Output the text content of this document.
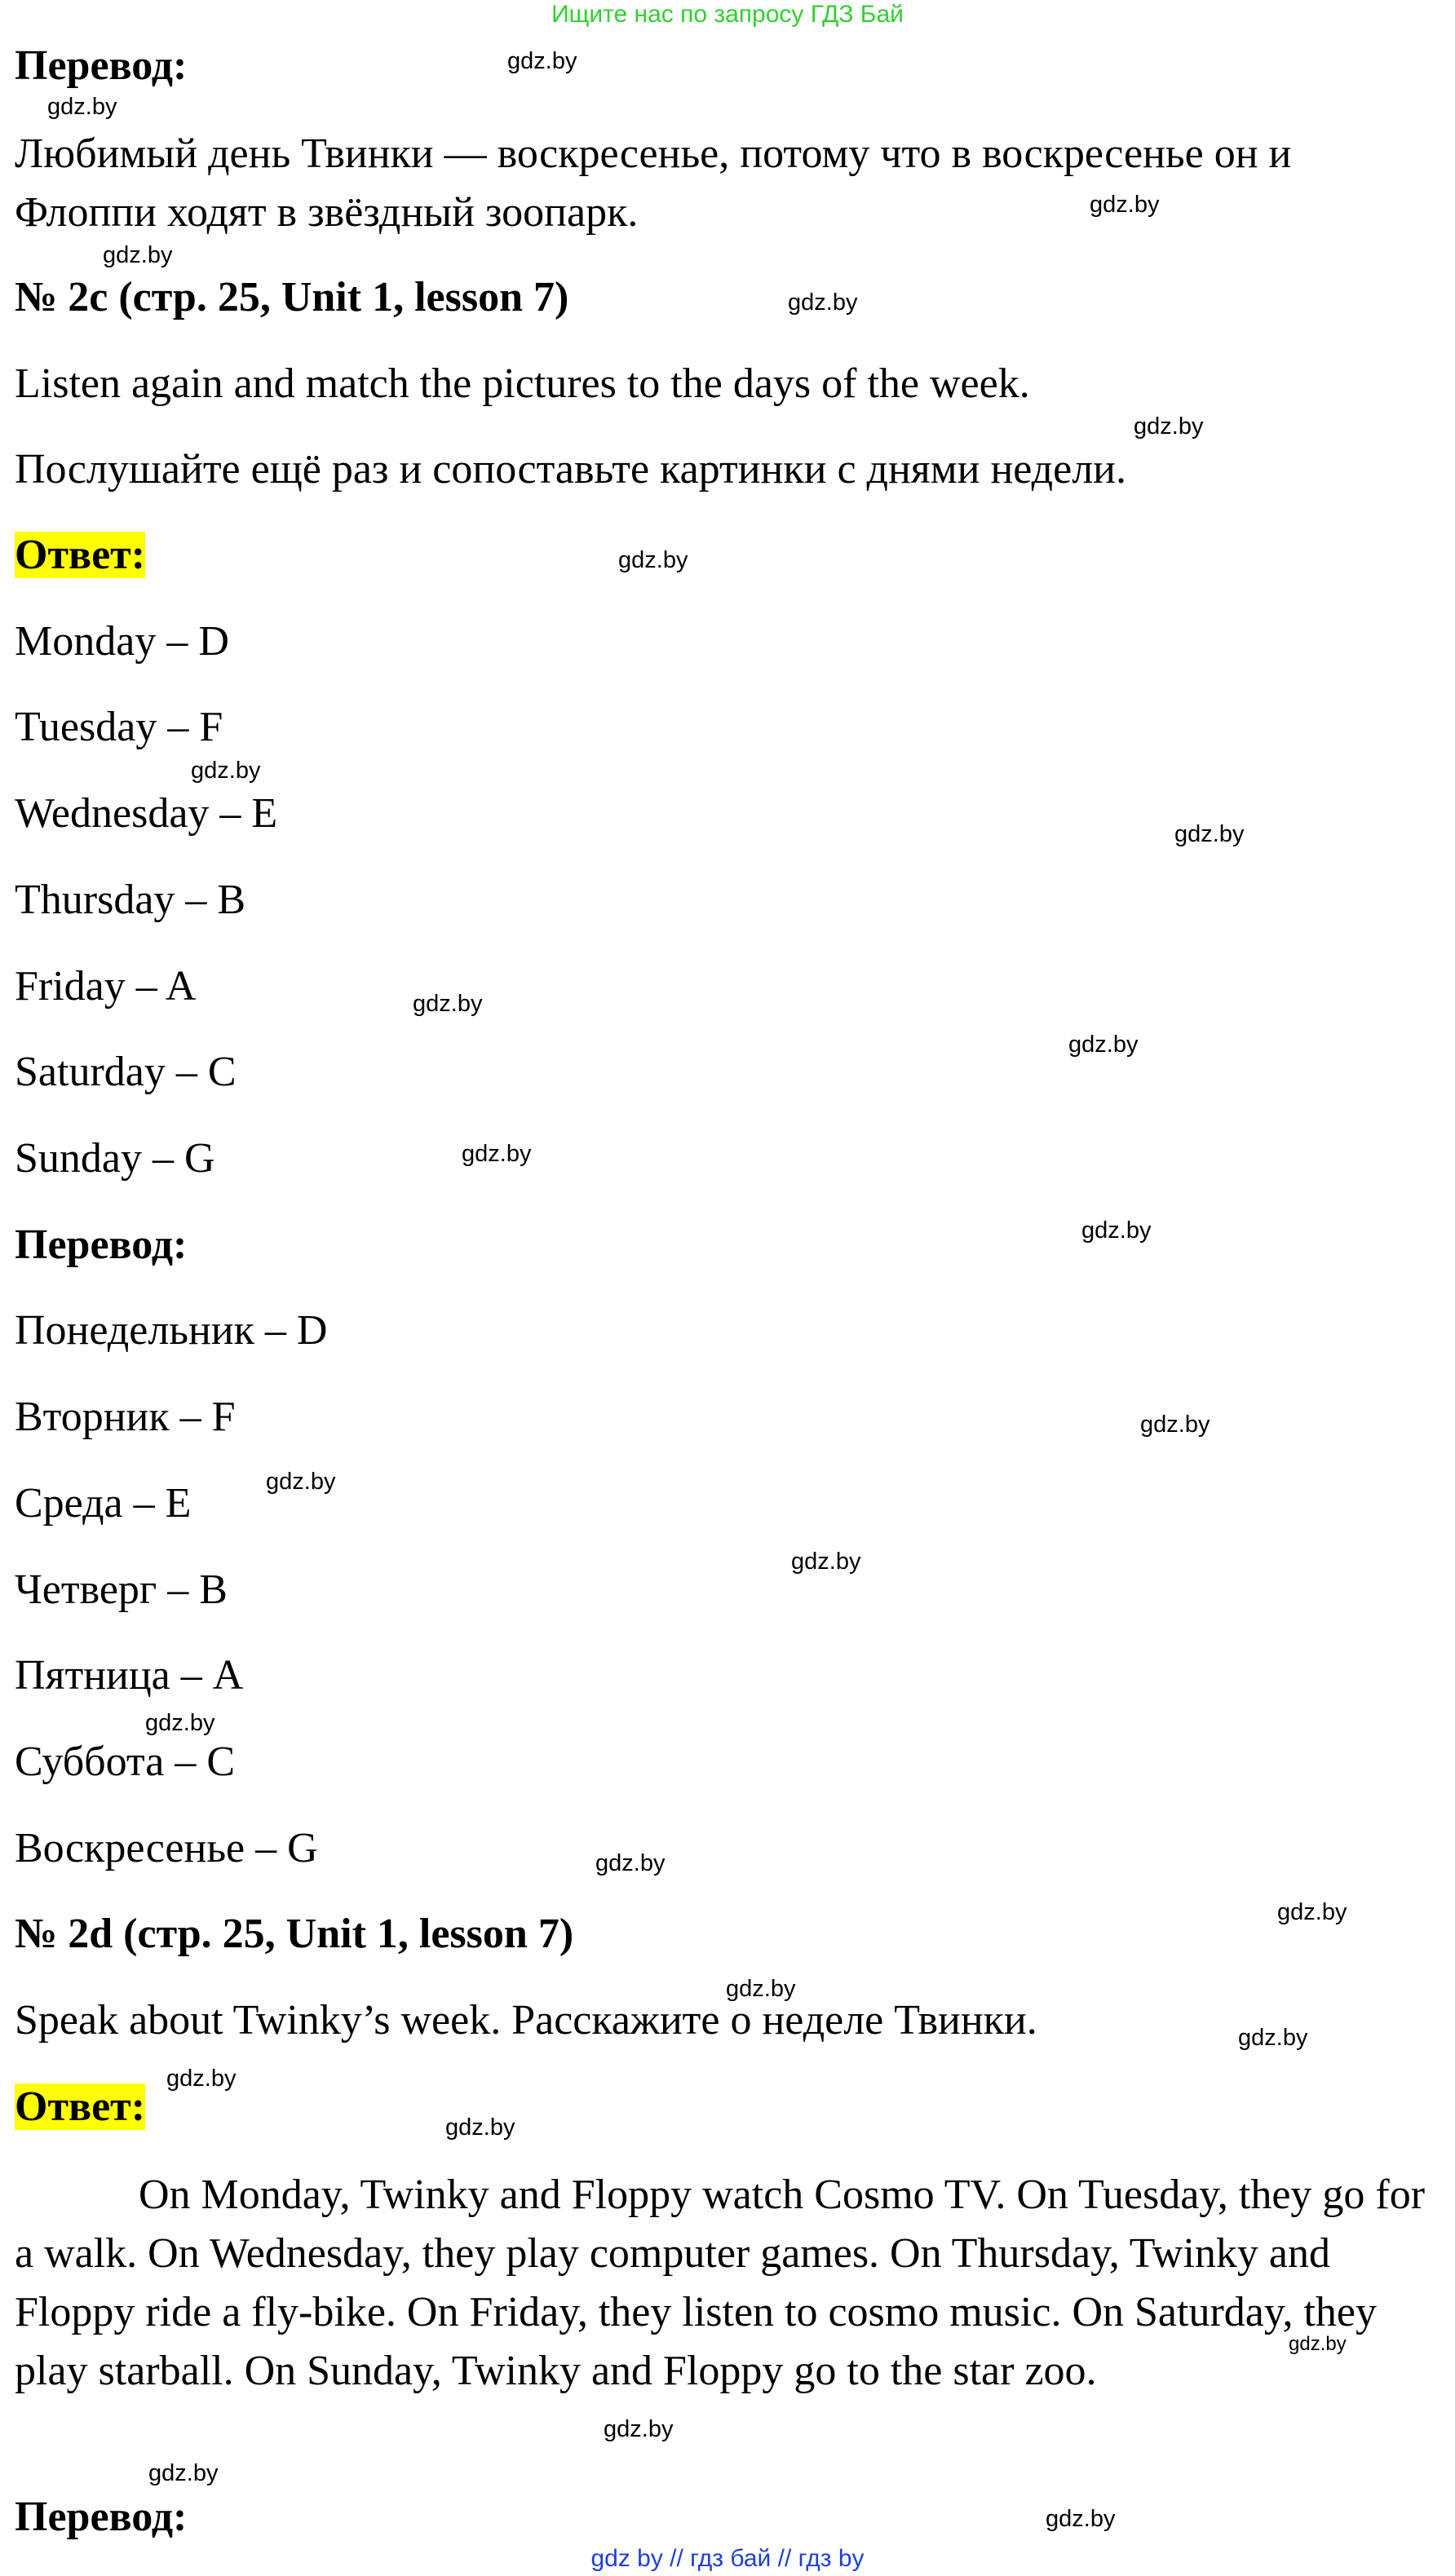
Ищите нас по запросу ГДЗ Бай
Перевод:
Любимый день Твинки — воскресенье, потому что в воскресенье он и
Флоппи ходят в звёздный зоопарк.
№ 2c (стр. 25, Unit 1, lesson 7)
Listen again and match the pictures to the days of the week.
Послушайте ещё раз и сопоставьте картинки с днями недели.
Ответ:
Monday – D
Tuesday – F
Wednesday – E
Thursday – B
Friday – A
Saturday – C
Sunday – G
Перевод:
Понедельник – D
Вторник – F
Среда – E
Четверг – B
Пятница – A
Суббота – C
Воскресенье – G
№ 2d (стр. 25, Unit 1, lesson 7)
Speak about Twinky’s week. Расскажите о неделе Твинки.
Ответ:
On Monday, Twinky and Floppy watch Cosmo TV. On Tuesday, they go for a walk. On Wednesday, they play computer games. On Thursday, Twinky and Floppy ride a fly-bike. On Friday, they listen to cosmo music. On Saturday, they play starball. On Sunday, Twinky and Floppy go to the star zoo.
Перевод:
gdz.by
gdz.by
gdz.by
gdz.by
gdz.by
gdz.by
gdz.by
gdz.by
gdz.by
gdz.by
gdz.by
gdz.by
gdz.by
gdz.by
gdz.by
gdz.by
gdz.by
gdz.by
gdz.by
gdz.by
gdz.by
gdz.by
gdz.by
gdz.by
gdz.by
gdz.by
gdz.by
gdz by // гдз бай // гдз by
